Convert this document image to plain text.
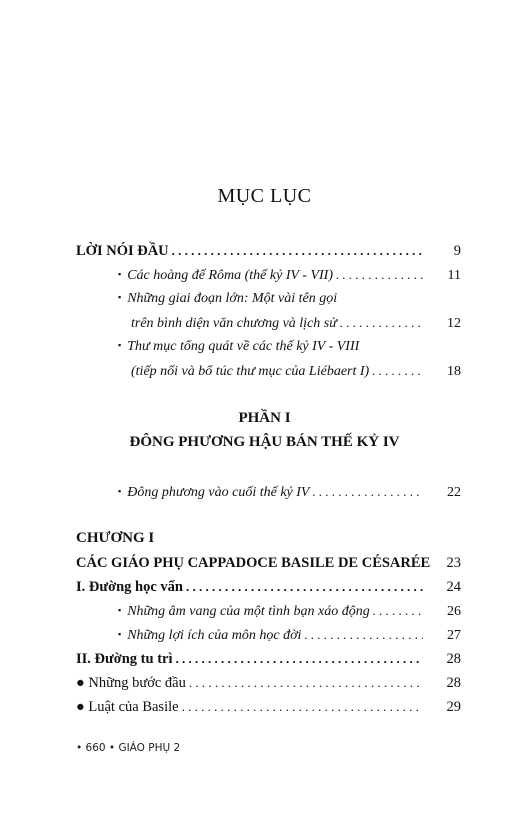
MỤC LỤC
LỜI NÓI ĐẦU . . .	9
▪ Các hoàng đế Rôma (thế kỷ IV - VII) . . .	11
▪ Những giai đoạn lớn: Một vài tên gọi
trên bình diện văn chương và lịch sử . . .	12
▪ Thư mục tổng quát về các thế kỷ IV - VIII
(tiếp nối và bổ túc thư mục của Liébaert I) . . .	18
PHẦN I
ĐÔNG PHƯƠNG HẬU BÁN THẾ KỶ IV
▪ Đông phương vào cuối thế kỷ IV . . .	22
CHƯƠNG I
CÁC GIÁO PHỤ CAPPADOCE BASILE DE CÉSARÉE . . .	23
I. Đường học vấn . . .	24
▪ Những âm vang của một tình bạn xáo động . . .	26
▪ Những lợi ích của môn học đời . . .	27
II. Đường tu trì . . .	28
● Những bước đầu . . .	28
● Luật của Basile . . .	29
• 660 • GIÁO PHỤ 2
